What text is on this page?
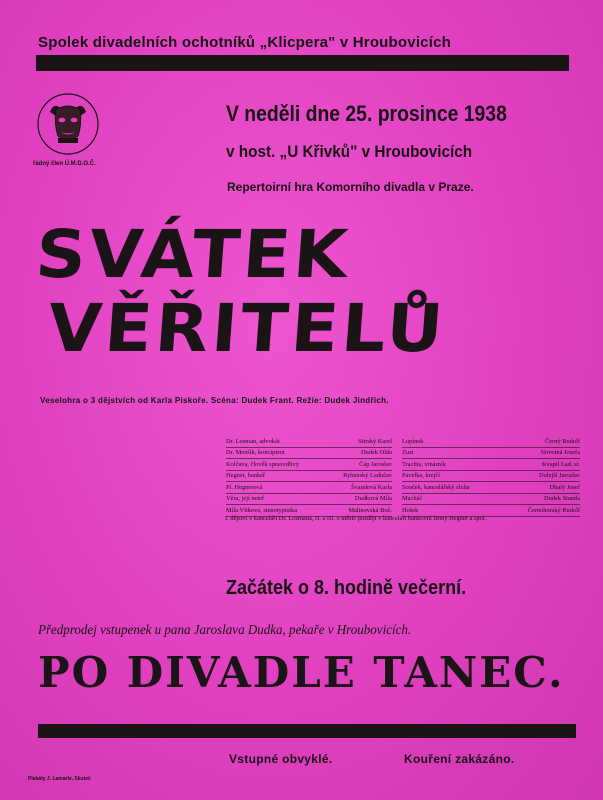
Spolek divadelních ochotníků „Klicpera" v Hroubovicích
řádný člen Ú.M.D.O.Č.
V neděli dne 25. prosince 1938
v host. „U Křivků" v Hroubovicích
Repertoirní hra Komorního divadla v Praze.
SVÁTEK
VĚŘITELŮ
Veselohra o 3 dějstvích od Karla Piskoře. Scéna: Dudek Frant. Režie: Dudek Jindřich.
Dr. Losman, advokát	Stirský Karel
Dr. Menšík, koncipient	Dudek Olda
Kolčava, člověk spravedlivý	Čáp Jaroslav
Hegner, bankéř	Rybenský Ladislav
Pí. Hegnerová	Švandová Karla
Věra, její neteř	Dudková Míla
Míla Vítková, stenotypistka	Malinovská Bož.
Lupínek	Černý Rudolf
Zuzi	Novotná Josefa
Trachta, vinárník	Kvapil Lad. st.
Pavelka, krejčí	Dolejší Jaroslav
Souček, kancelářský sluha	Dbalý Josef
Macháč	Dudek Standa
Hošek	Černohorský Rudolf
I. dějství v kanceláři Dr. Losmana, II. a III. o měsíc později v kanceláři bankovní firmy Hegner a spol.
Začátek o 8. hodině večerní.
Předprodej vstupenek u pana Jaroslava Dudka, pekaře v Hroubovicích.
PO DIVADLE TANEC.
Vstupné obvyklé.	Kouření zakázáno.
Plakáty J. Lamarle, Skuteč
